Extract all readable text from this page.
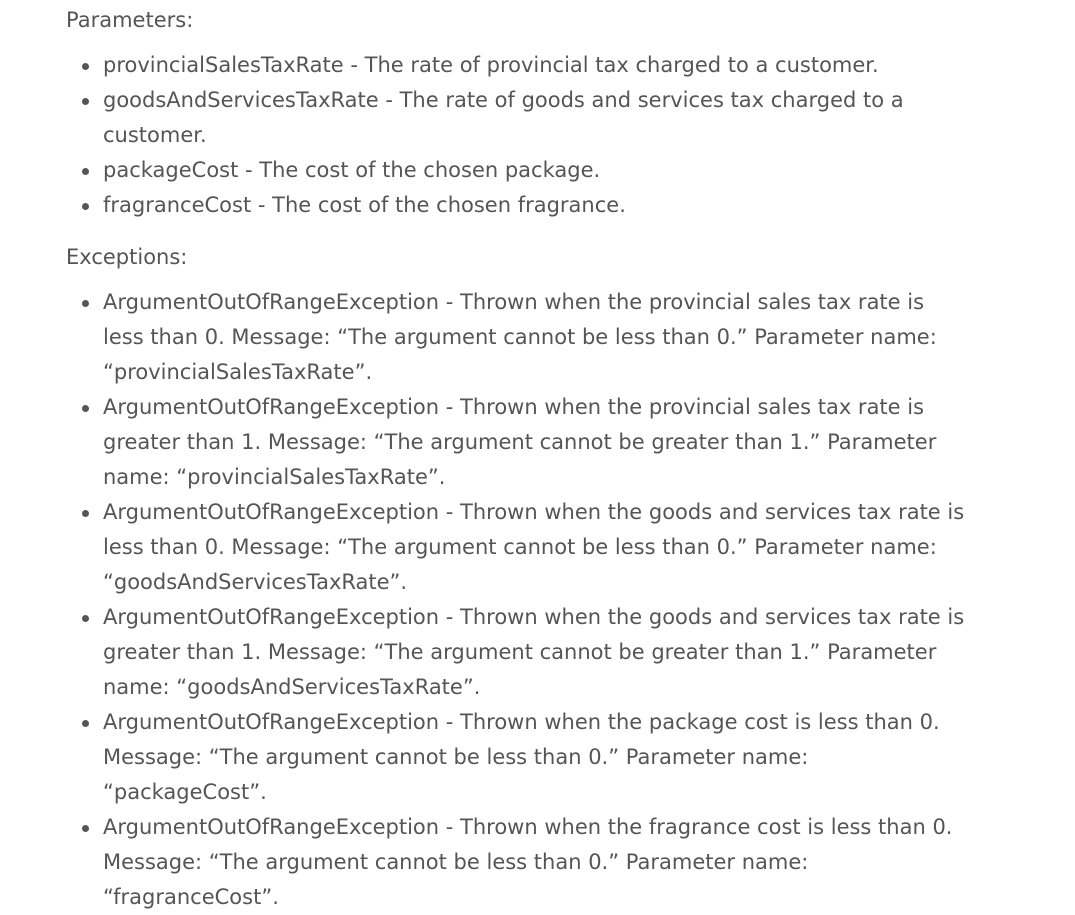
Parameters:

provincialSalesTaxRate - The rate of provincial tax charged to a customer.
goodsAndServicesTaxRate - The rate of goods and services tax charged to a customer.
packageCost - The cost of the chosen package.
fragranceCost - The cost of the chosen fragrance.

Exceptions:

ArgumentOutOfRangeException - Thrown when the provincial sales tax rate is less than 0. Message: “The argument cannot be less than 0.” Parameter name: “provincialSalesTaxRate”.
ArgumentOutOfRangeException - Thrown when the provincial sales tax rate is greater than 1. Message: “The argument cannot be greater than 1.” Parameter name: “provincialSalesTaxRate”.
ArgumentOutOfRangeException - Thrown when the goods and services tax rate is less than 0. Message: “The argument cannot be less than 0.” Parameter name: “goodsAndServicesTaxRate”.
ArgumentOutOfRangeException - Thrown when the goods and services tax rate is greater than 1. Message: “The argument cannot be greater than 1.” Parameter name: “goodsAndServicesTaxRate”.
ArgumentOutOfRangeException - Thrown when the package cost is less than 0. Message: “The argument cannot be less than 0.” Parameter name: “packageCost”.
ArgumentOutOfRangeException - Thrown when the fragrance cost is less than 0. Message: “The argument cannot be less than 0.” Parameter name: “fragranceCost”.
